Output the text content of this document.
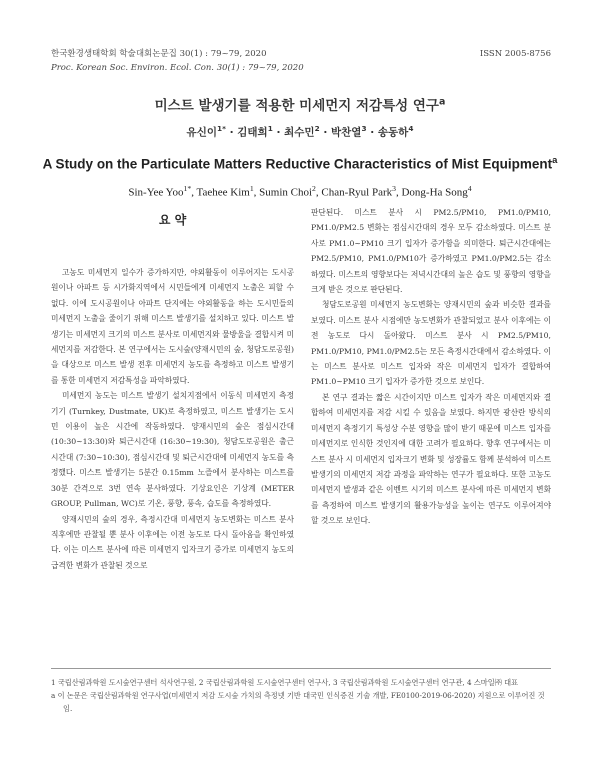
한국환경생태학회 학술대회논문집 30(1) : 79~79, 2020
Proc. Korean Soc. Environ. Ecol. Con. 30(1) : 79~79, 2020
ISSN 2005-8756
미스트 발생기를 적용한 미세먼지 저감특성 연구$^a$
유신이$^{1*}$ · 김태희$^1$ · 최수민$^2$ · 박찬열$^3$ · 송동하$^4$
A Study on the Particulate Matters Reductive Characteristics of Mist Equipment$^a$
Sin-Yee Yoo$^{1*}$, Taehee Kim$^1$, Sumin Choi$^2$, Chan-Ryul Park$^3$, Dong-Ha Song$^4$
요 약

고농도 미세먼지 일수가 증가하지만, 야외활동이 이루어지는 도시공원이나 아파트 등 시가화지역에서 시민들에게 미세먼지 노출은 피할 수 없다. 이에 도시공원이나 아파트 단지에는 야외활동을 하는 도시민들의 미세먼지 노출을 줄이기 위해 미스트 발생기를 설치하고 있다. 미스트 발생기는 미세먼지 크기의 미스트 분사로 미세먼지와 물방울을 결합시켜 미세먼지를 저감한다. 본 연구에서는 도시숲(양재시민의 숲, 청담도로공원)을 대상으로 미스트 발생 전후 미세먼지 농도를 측정하고 미스트 발생기를 통한 미세먼지 저감특성을 파악하였다.

미세먼지 농도는 미스트 발생기 설치지점에서 이동식 미세먼지 측정기기 (Turnkey, Dustmate, UK)로 측정하였고, 미스트 발생기는 도시민 이용이 높은 시간에 작동하였다. 양재시민의 숲은 점심시간대 (10:30~13:30)와 퇴근시간대 (16:30~19:30), 청담도로공원은 출근시간대 (7:30~10:30), 점심시간대 및 퇴근시간대에 미세먼지 농도를 측정했다. 미스트 발생기는 5분간 0.15mm 노즐에서 분사하는 미스트를 30분 간격으로 3번 연속 분사하였다. 기상요인은 기상계 (METER GROUP, Pullman, WC)로 기온, 풍향, 풍속, 습도를 측정하였다.

양재시민의 숲의 경우, 측정시간대 미세먼지 농도변화는 미스트 분사 직후에만 관찰될 뿐 분사 이후에는 이전 농도로 다시 돌아옴을 확인하였다. 이는 미스트 분사에 따른 미세먼지 입자크기 증가로 미세먼지 농도의 급격한 변화가 관찰된 것으로

판단된다. 미스트 분사 시 PM2.5/PM10, PM1.0/PM10, PM1.0/PM2.5 변화는 점심시간대의 경우 모두 감소하였다. 미스트 분사로 PM1.0~PM10 크기 입자가 증가함을 의미한다. 퇴근시간대에는 PM2.5/PM10, PM1.0/PM10가 증가하였고 PM1.0/PM2.5는 감소하였다. 미스트의 영향보다는 저녁시간대의 높은 습도 및 풍향의 영향을 크게 받은 것으로 판단된다.

청담도로공원 미세먼지 농도변화는 양재시민의 숲과 비슷한 결과를 보였다. 미스트 분사 시점에만 농도변화가 관찰되었고 분사 이후에는 이전 농도로 다시 돌아왔다. 미스트 분사 시 PM2.5/PM10, PM1.0/PM10, PM1.0/PM2.5는 모든 측정시간대에서 감소하였다. 이는 미스트 분사로 미스트 입자와 작은 미세먼지 입자가 결합하여 PM1.0~PM10 크기 입자가 증가한 것으로 보인다.

본 연구 결과는 짧은 시간이지만 미스트 입자가 작은 미세먼지와 결합하여 미세먼지를 저감 시킬 수 있음을 보였다. 하지만 광산란 방식의 미세먼지 측정기기 특성상 수분 영향을 많이 받기 때문에 미스트 입자를 미세먼지로 인식한 것인지에 대한 고려가 필요하다. 향후 연구에서는 미스트 분사 시 미세먼지 입자크기 변화 및 성장률도 함께 분석하여 미스트 발생기의 미세먼지 저감 과정을 파악하는 연구가 필요하다. 또한 고농도 미세먼지 발생과 같은 이벤트 시기의 미스트 분사에 따른 미세먼지 변화를 측정하여 미스트 발생기의 활용가능성을 높이는 연구도 이루어져야 할 것으로 보인다.

1 국립산림과학원 도시숲연구센터 석사연구원, 2 국립산림과학원 도시숲연구센터 연구사, 3 국립산림과학원 도시숲연구센터 연구관, 4 스마일㈜ 대표
a 이 논문은 국립산림과학원 연구사업(미세먼지 저감 도시숲 가치의 측정넷 기반 대국민 인식증진 기술 개발, FE0100-2019-06-2020) 지원으로 이루어진 것임.
